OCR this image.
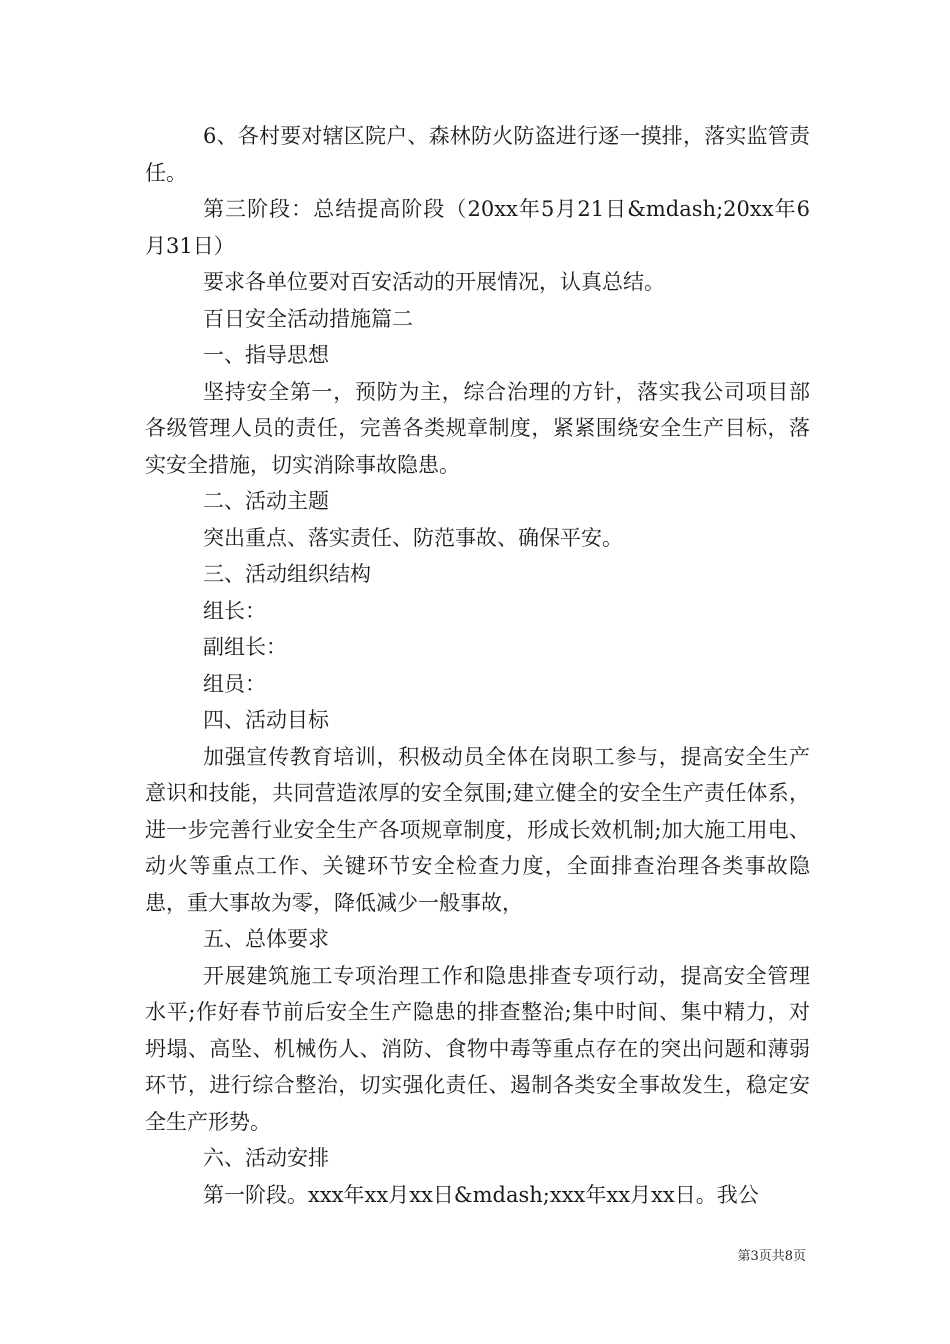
6、各村要对辖区院户、森林防火防盗进行逐一摸排，落实监管责任。

第三阶段：总结提高阶段（20xx年5月21日&mdash;20xx年6月31日）

要求各单位要对百安活动的开展情况，认真总结。

百日安全活动措施篇二

一、指导思想

坚持安全第一，预防为主，综合治理的方针，落实我公司项目部各级管理人员的责任，完善各类规章制度，紧紧围绕安全生产目标，落实安全措施，切实消除事故隐患。

二、活动主题

突出重点、落实责任、防范事故、确保平安。

三、活动组织结构

组长：

副组长：

组员：

四、活动目标

加强宣传教育培训，积极动员全体在岗职工参与，提高安全生产意识和技能，共同营造浓厚的安全氛围;建立健全的安全生产责任体系，进一步完善行业安全生产各项规章制度，形成长效机制;加大施工用电、动火等重点工作、关键环节安全检查力度，全面排查治理各类事故隐患，重大事故为零，降低减少一般事故，

五、总体要求

开展建筑施工专项治理工作和隐患排查专项行动，提高安全管理水平;作好春节前后安全生产隐患的排查整治;集中时间、集中精力，对坍塌、高坠、机械伤人、消防、食物中毒等重点存在的突出问题和薄弱环节，进行综合整治，切实强化责任、遏制各类安全事故发生，稳定安全生产形势。

六、活动安排

第一阶段。xxx年xx月xx日&mdash;xxx年xx月xx日。我公

第3页共8页
